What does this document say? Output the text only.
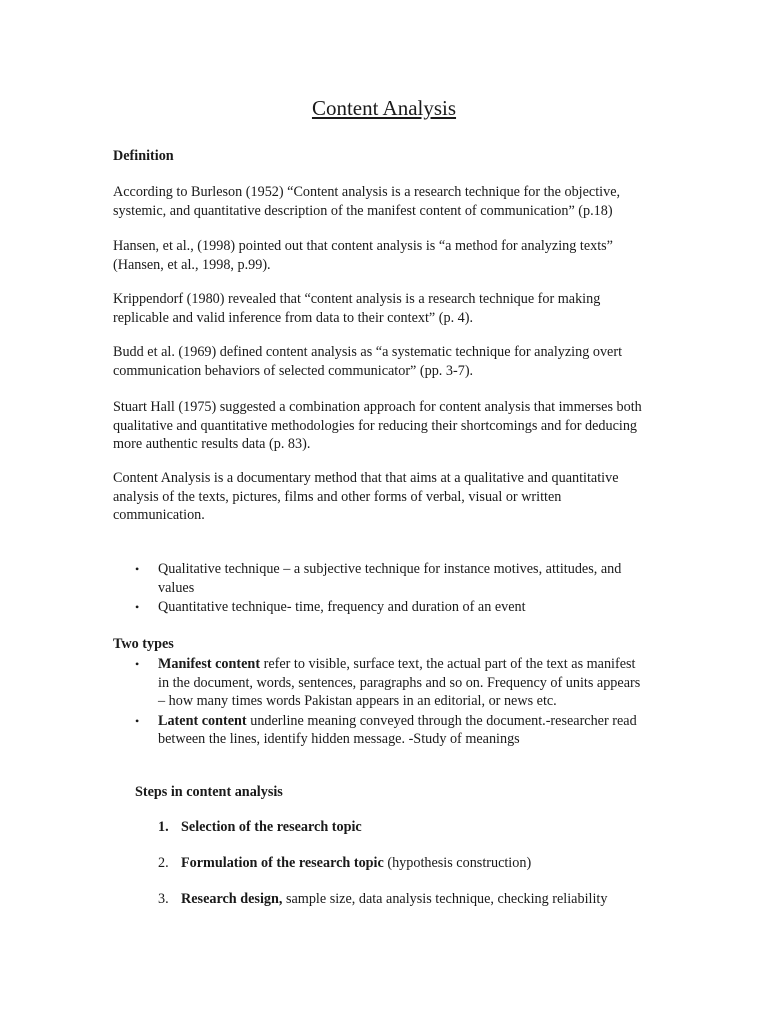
Content Analysis
Definition
According to Burleson (1952) “Content analysis is a research technique for the objective, systemic, and quantitative description of the manifest content of communication” (p.18)
Hansen, et al., (1998) pointed out that content analysis is “a method for analyzing texts” (Hansen, et al., 1998, p.99).
Krippendorf (1980) revealed that “content analysis is a research technique for making replicable and valid inference from data to their context” (p. 4).
Budd et al. (1969) defined content analysis as “a systematic technique for analyzing overt communication behaviors of selected communicator” (pp. 3-7).
Stuart Hall (1975) suggested a combination approach for content analysis that immerses both qualitative and quantitative methodologies for reducing their shortcomings and for deducing more authentic results data (p. 83).
Content Analysis is a documentary method that that aims at a qualitative and quantitative analysis of the texts, pictures, films and other forms of verbal, visual or written communication.
• Qualitative technique – a subjective technique for instance motives, attitudes, and values
• Quantitative technique- time, frequency and duration of an event
Two types
• Manifest content refer to visible, surface text, the actual part of the text as manifest in the document, words, sentences, paragraphs and so on. Frequency of units appears – how many times words Pakistan appears in an editorial, or news etc.
• Latent content underline meaning conveyed through the document.-researcher read between the lines, identify hidden message. -Study of meanings
Steps in content analysis
1. Selection of the research topic
2. Formulation of the research topic (hypothesis construction)
3. Research design, sample size, data analysis technique, checking reliability
